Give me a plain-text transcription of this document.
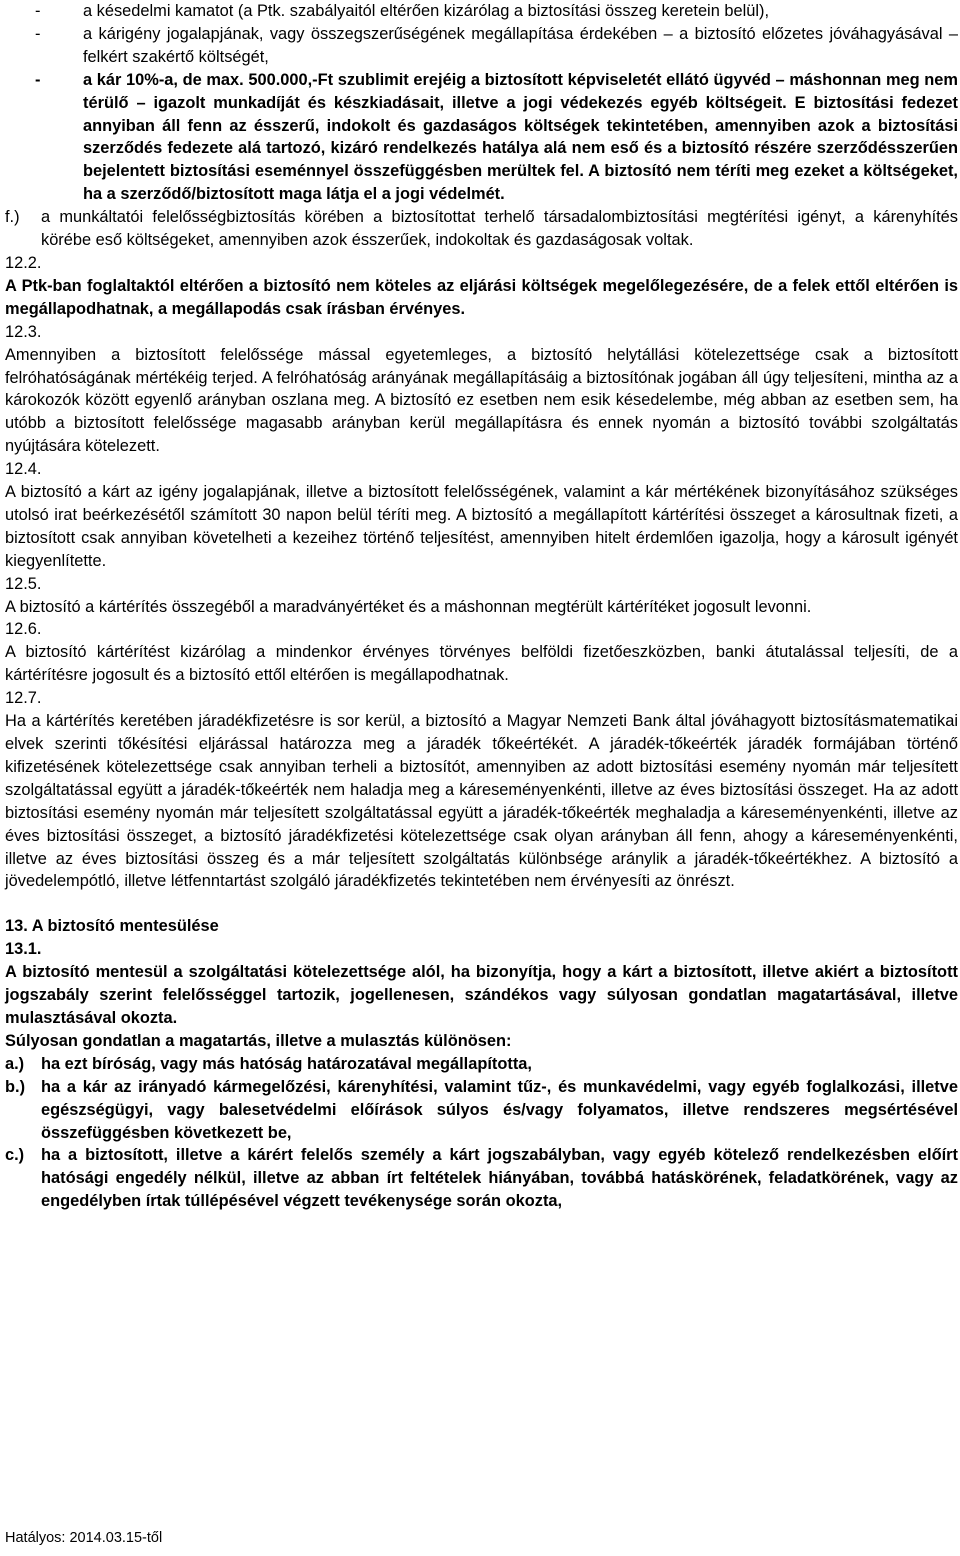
-	a késedelmi kamatot (a Ptk. szabályaitól eltérően kizárólag a biztosítási összeg keretein belül),
-	a kárigény jogalapjának, vagy összegszerűségének megállapítása érdekében – a biztosító előzetes jóváhagyásával – felkért szakértő költségét,
-	a kár 10%-a, de max. 500.000,-Ft szublimit erejéig a biztosított képviseletét ellátó ügyvéd – máshonnan meg nem térülő – igazolt munkadíját és készkiadásait, illetve a jogi védekezés egyéb költségeit. E biztosítási fedezet annyiban áll fenn az ésszerű, indokolt és gazdaságos költségek tekintetében, amennyiben azok a biztosítási szerződés fedezete alá tartozó, kizáró rendelkezés hatálya alá nem eső és a biztosító részére szerződésszerűen bejelentett biztosítási eseménnyel összefüggésben merültek fel. A biztosító nem téríti meg ezeket a költségeket, ha a szerződő/biztosított maga látja el a jogi védelmét.
f.)	a munkáltatói felelősségbiztosítás körében a biztosítottat terhelő társadalombiztosítási megtérítési igényt, a kárenyhítés körébe eső költségeket, amennyiben azok ésszerűek, indokoltak és gazdaságosak voltak.

12.2.

A Ptk-ban foglaltaktól eltérően a biztosító nem köteles az eljárási költségek megelőlegezésére, de a felek ettől eltérően is megállapodhatnak, a megállapodás csak írásban érvényes.

12.3.

Amennyiben a biztosított felelőssége mással egyetemleges, a biztosító helytállási kötelezettsége csak a biztosított felróhatóságának mértékéig terjed. A felróhatóság arányának megállapításáig a biztosítónak jogában áll úgy teljesíteni, mintha az a károkozók között egyenlő arányban oszlana meg. A biztosító ez esetben nem esik késedelembe, még abban az esetben sem, ha utóbb a biztosított felelőssége magasabb arányban kerül megállapításra és ennek nyomán a biztosító további szolgáltatás nyújtására kötelezett.

12.4.

A biztosító a kárt az igény jogalapjának, illetve a biztosított felelősségének, valamint a kár mértékének bizonyításához szükséges utolsó irat beérkezésétől számított 30 napon belül téríti meg. A biztosító a megállapított kártérítési összeget a károsultnak fizeti, a biztosított csak annyiban követelheti a kezeihez történő teljesítést, amennyiben hitelt érdemlően igazolja, hogy a károsult igényét kiegyenlítette.

12.5.

A biztosító a kártérítés összegéből a maradványértéket és a máshonnan megtérült kártérítéket jogosult levonni.

12.6.

A biztosító kártérítést kizárólag a mindenkor érvényes törvényes belföldi fizetőeszközben, banki átutalással teljesíti, de a kártérítésre jogosult és a biztosító ettől eltérően is megállapodhatnak.

12.7.

Ha a kártérítés keretében járadékfizetésre is sor kerül, a biztosító a Magyar Nemzeti Bank által jóváhagyott biztosításmatematikai elvek szerinti tőkésítési eljárással határozza meg a járadék tőkeértékét. A járadék-tőkeérték járadék formájában történő kifizetésének kötelezettsége csak annyiban terheli a biztosítót, amennyiben az adott biztosítási esemény nyomán már teljesített szolgáltatással együtt a járadék-tőkeérték nem haladja meg a káreseményenkénti, illetve az éves biztosítási összeget. Ha az adott biztosítási esemény nyomán már teljesített szolgáltatással együtt a járadék-tőkeérték meghaladja a káreseményenkénti, illetve az éves biztosítási összeget, a biztosító járadékfizetési kötelezettsége csak olyan arányban áll fenn, ahogy a káreseményenkénti, illetve az éves biztosítási összeg és a már teljesített szolgáltatás különbsége aránylik a járadék-tőkeértékhez. A biztosító a jövedelempótló, illetve létfenntartást szolgáló járadékfizetés tekintetében nem érvényesíti az önrészt.

13. A biztosító mentesülése

13.1.

A biztosító mentesül a szolgáltatási kötelezettsége alól, ha bizonyítja, hogy a kárt a biztosított, illetve akiért a biztosított jogszabály szerint felelősséggel tartozik, jogellenesen, szándékos vagy súlyosan gondatlan magatartásával, illetve mulasztásával okozta.

Súlyosan gondatlan a magatartás, illetve a mulasztás különösen:

a.)	ha ezt bíróság, vagy más hatóság határozatával megállapította,
b.) ha a kár az irányadó kármegelőzési, kárenyhítési, valamint tűz-, és munkavédelmi, vagy egyéb foglalkozási, illetve egészségügyi, vagy balesetvédelmi előírások súlyos és/vagy folyamatos, illetve rendszeres megsértésével összefüggésben következett be,
c.)	ha a biztosított, illetve a kárért felelős személy a kárt jogszabályban, vagy egyéb kötelező rendelkezésben előírt hatósági engedély nélkül, illetve az abban írt feltételek hiányában, továbbá hatáskörének, feladatkörének, vagy az engedélyben írtak túllépésével végzett tevékenysége során okozta,
Hatályos: 2014.03.15-től
